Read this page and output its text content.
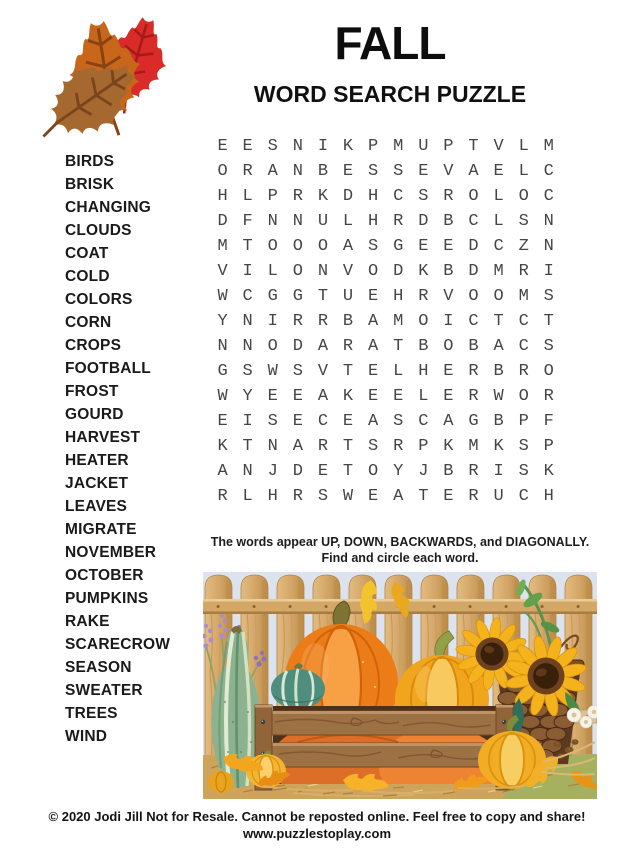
FALL
WORD SEARCH PUZZLE
BIRDS
BRISK
CHANGING
CLOUDS
COAT
COLD
COLORS
CORN
CROPS
FOOTBALL
FROST
GOURD
HARVEST
HEATER
JACKET
LEAVES
MIGRATE
NOVEMBER
OCTOBER
PUMPKINS
RAKE
SCARECROW
SEASON
SWEATER
TREES
WIND
E E S N I K P M U P T V L M
O R A N B E S S E V A E L C
H L P R K D H C S R O L O C
D F N N U L H R D B C L S N
M T O O O A S G E E D C Z N
V I L O N V O D K B D M R I
W C G G T U E H R V O O M S
Y N I R R B A M O I C T C T
N N O D A R A T B O B A C S
G S W S V T E L H E R B R O
W Y E E A K E E L E R W O R
E I S E C E A S C A G B P F
K T N A R T S R P K M K S P
A N J D E T O Y J B R I S K
R L H R S W E A T E R U C H
The words appear UP, DOWN, BACKWARDS, and DIAGONALLY.
Find and circle each word.
© 2020 Jodi Jill Not for Resale. Cannot be reposted online. Feel free to copy and share!
www.puzzlestoplay.com
